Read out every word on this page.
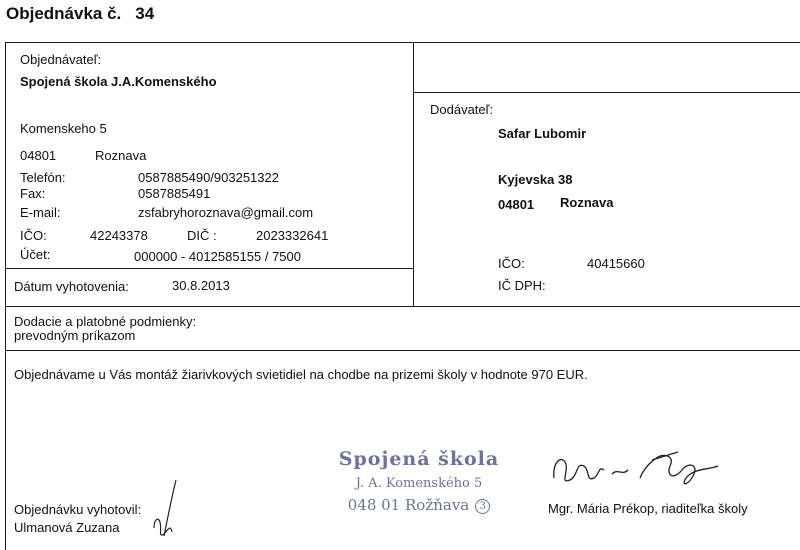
Objednávka č. 34
Objednávateľ:
Spojená škola J.A.Komenského
Komenskeho 5
04801	Roznava
Telefón:	0587885490/903251322
Fax:	0587885491
E-mail:	zsfabryhoroznava@gmail.com
IČO:	42243378	DIČ :	2023332641
Účet:	000000 - 4012585155 / 7500
Dátum vyhotovenia:	30.8.2013
Dodávateľ:
Safar Lubomir
Kyjevska 38
04801 Roznava
IČO:	40415660
IČ DPH:
Dodacie a platobné podmienky:
prevodným príkazom
Objednávame u Vás montáž žiarivkových svietidiel na chodbe na prizemi školy v hodnote 970 EUR.
Spojená škola
J. A. Komenského 5
048 01 Rožňava 3	Mgr. Mária Prékop, riaditeľka školy
Objednávku vyhotovil:
Ulmanová Zuzana
